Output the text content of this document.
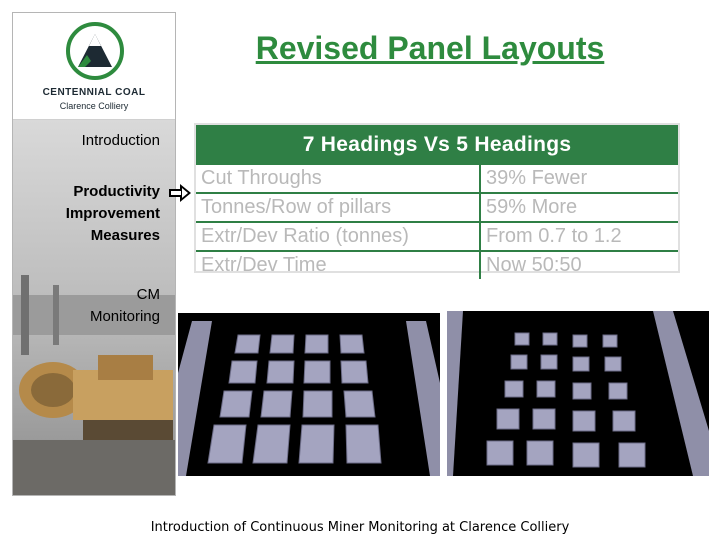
CENTENNIAL COAL
Clarence Colliery
Introduction
Productivity
Improvement
Measures
CM
Monitoring
Revised Panel Layouts
7 Headings Vs 5 Headings
Cut Throughs	39% Fewer
Tonnes/Row of pillars	59% More
Extr/Dev Ratio (tonnes)	From 0.7 to 1.2
Extr/Dev Time	Now 50:50
Introduction of Continuous Miner Monitoring at Clarence Colliery
